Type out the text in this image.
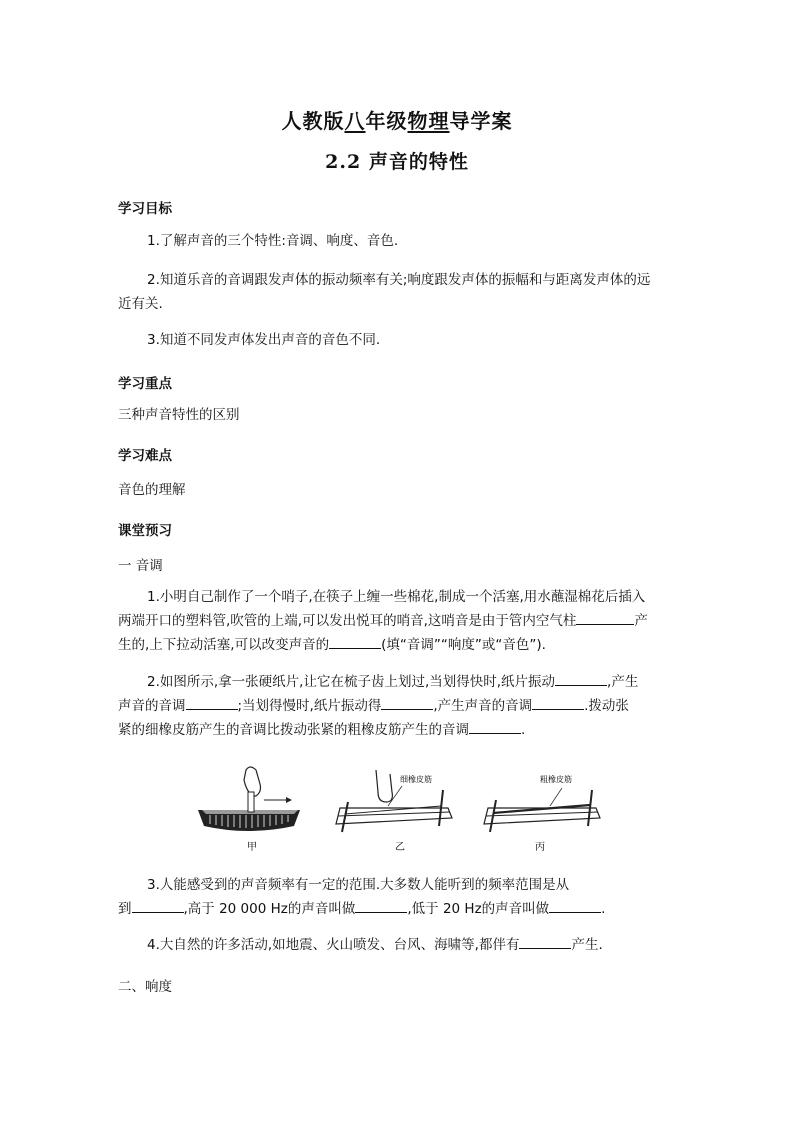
人教版八年级物理导学案
2.2 声音的特性
学习目标
1.了解声音的三个特性:音调、响度、音色.
2.知道乐音的音调跟发声体的振动频率有关;响度跟发声体的振幅和与距离发声体的远
近有关.
3.知道不同发声体发出声音的音色不同.
学习重点
三种声音特性的区别
学习难点
音色的理解
课堂预习
一 音调
1.小明自己制作了一个哨子,在筷子上缠一些棉花,制成一个活塞,用水蘸湿棉花后插入
两端开口的塑料管,吹管的上端,可以发出悦耳的哨音,这哨音是由于管内空气柱	产
生的,上下拉动活塞,可以改变声音的	(填“音调”“响度”或“音色”).
2.如图所示,拿一张硬纸片,让它在梳子齿上划过,当划得快时,纸片振动	,产生
声音的音调	;当划得慢时,纸片振动得	,产生声音的音调	.拨动张
紧的细橡皮筋产生的音调比拨动张紧的粗橡皮筋产生的音调	.
甲
细橡皮筋
乙
粗橡皮筋
丙
3.人能感受到的声音频率有一定的范围.大多数人能听到的频率范围是从
到	,高于 20 000 Hz的声音叫做	,低于 20 Hz的声音叫做	.
4.大自然的许多活动,如地震、火山喷发、台风、海啸等,都伴有	产生.
二、响度
